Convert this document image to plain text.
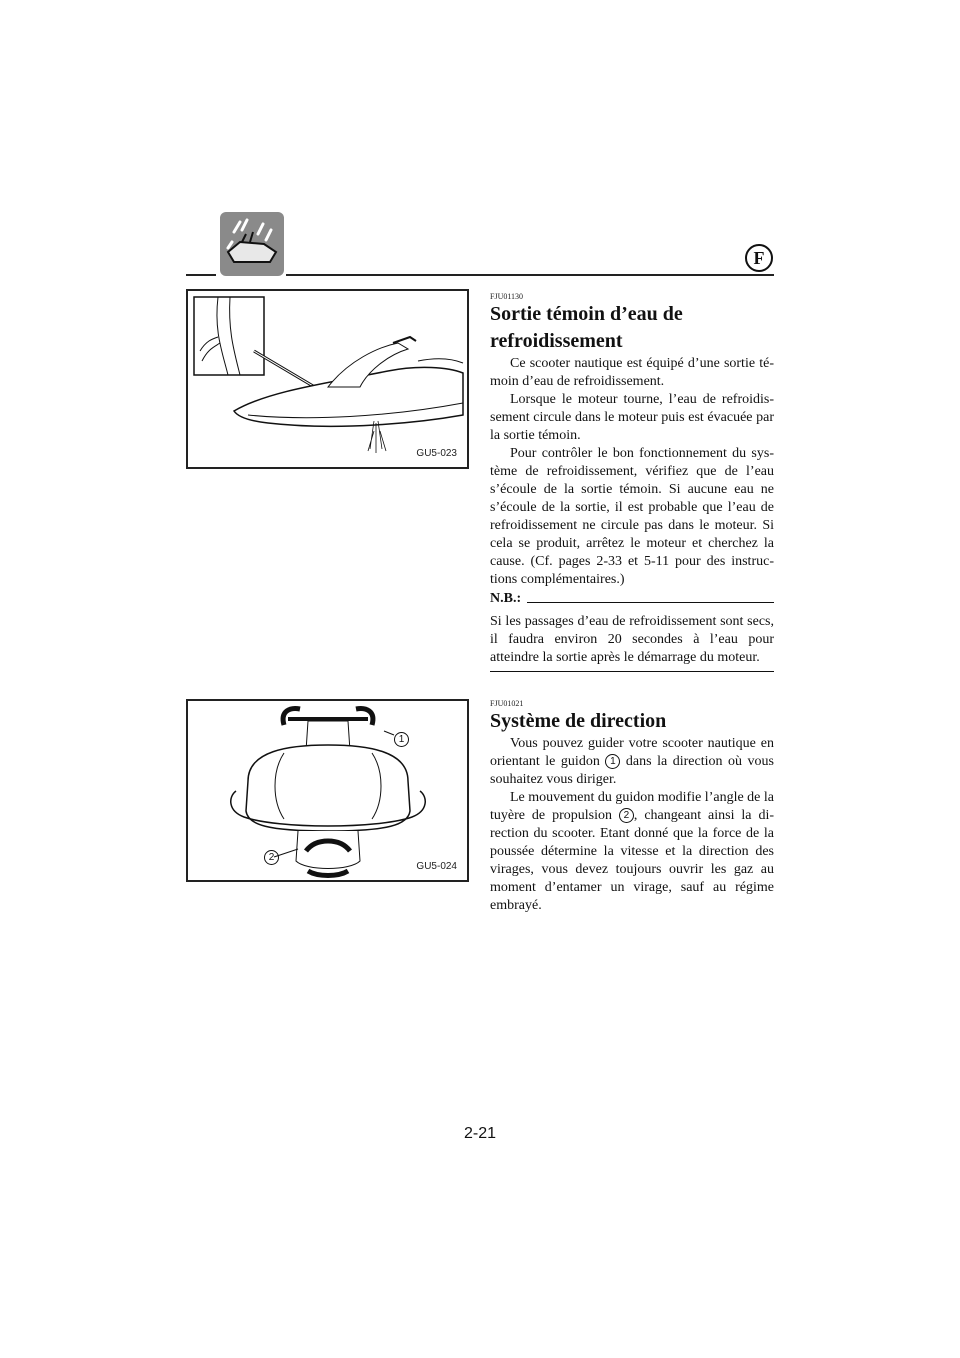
F
GU5-023
FJU01130
Sortie témoin d’eau de refroidissement

Ce scooter nautique est équipé d’une sortie té-moin d’eau de refroidissement.

Lorsque le moteur tourne, l’eau de refroidis-sement circule dans le moteur puis est évacuée par la sortie témoin.

Pour contrôler le bon fonctionnement du sys-tème de refroidissement, vérifiez que de l’eau s’écoule de la sortie témoin. Si aucune eau ne s’écoule de la sortie, il est probable que l’eau de refroidissement ne circule pas dans le moteur. Si cela se produit, arrêtez le moteur et cherchez la cause. (Cf. pages 2-33 et 5-11 pour des instruc-tions complémentaires.)

N.B.:

Si les passages d’eau de refroidissement sont secs, il faudra environ 20 secondes à l’eau pour atteindre la sortie après le démarrage du moteur.

GU5-024
1
2
FJU01021
Système de direction

Vous pouvez guider votre scooter nautique en orientant le guidon 1 dans la direction où vous souhaitez vous diriger.

Le mouvement du guidon modifie l’angle de la tuyère de propulsion 2 , changeant ainsi la di-rection du scooter. Etant donné que la force de la poussée détermine la vitesse et la direction des virages, vous devez toujours ouvrir les gaz au moment d’entamer un virage, sauf au régime embrayé.

2-21
